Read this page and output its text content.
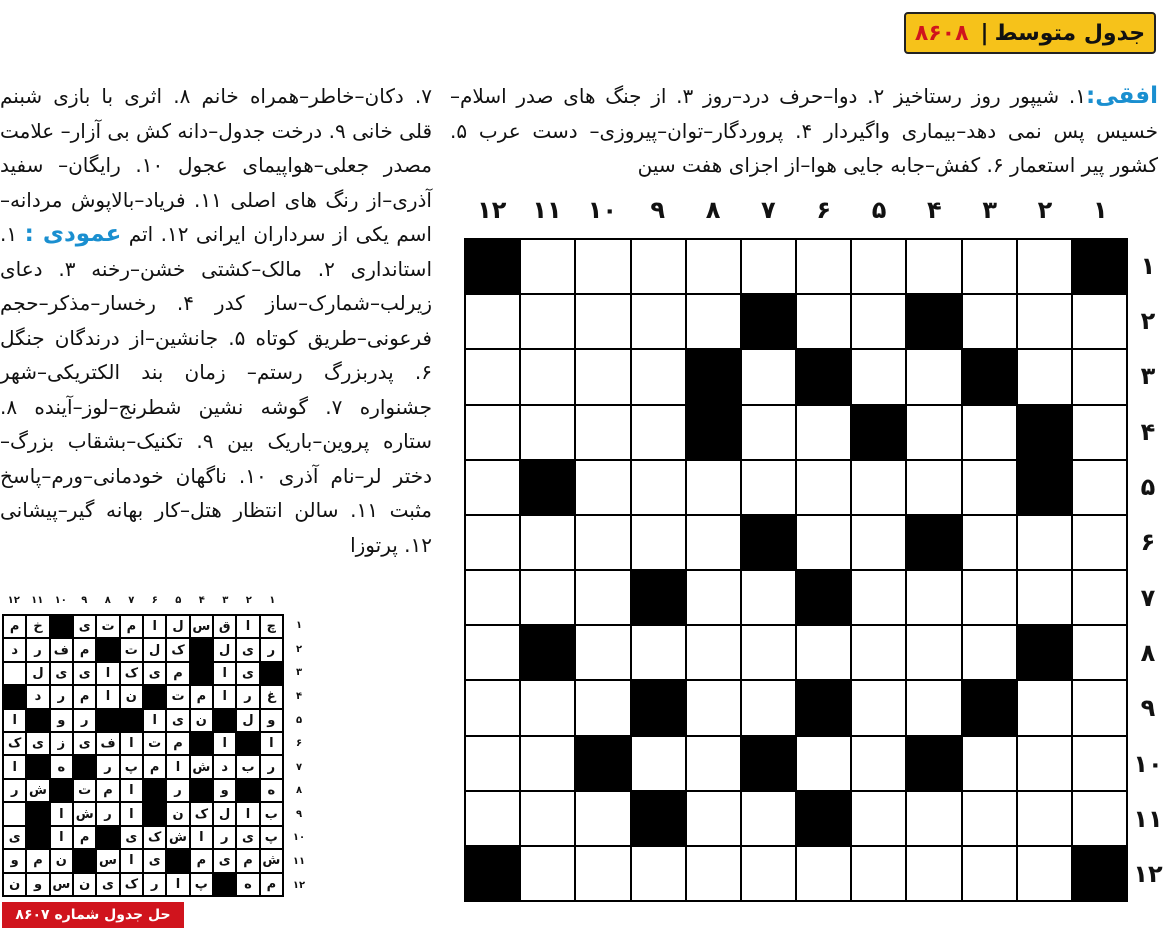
جدول متوسط
|
۸۶۰۸
افقی:۱. شیپور روز رستاخیز ۲. دوا–حرف درد–روز ۳. از جنگ های صدر اسلام–خسیس پس نمی دهد–بیماری واگیردار ۴. پروردگار–توان–پیروزی– دست عرب ۵. کشور پیر استعمار ۶. کفش–جابه جایی هوا–از اجزای هفت سین
۷. دکان–خاطر–همراه خانم ۸. اثری با بازی شبنم قلی خانی ۹. درخت جدول–دانه کش بی آزار– علامت مصدر جعلی–هواپیمای عجول ۱۰. رایگان– سفید آذری–از رنگ های اصلی ۱۱. فریاد–بالاپوش مردانه–اسم یکی از سرداران ایرانی ۱۲. اتم عمودی : ۱. استانداری ۲. مالک–کشتی خشن–رخنه ۳. دعای زیرلب–شمارک–ساز کدر ۴. رخسار–مذکر–حجم فرعونی–طریق کوتاه ۵. جانشین–از درندگان جنگل ۶. پدربزرگ رستم– زمان بند الکتریکی–شهر جشنواره ۷. گوشه نشین شطرنج–لوز–آینده ۸. ستاره پروین–باریک بین ۹. تکنیک–بشقاب بزرگ–دختر لر–نام آذری ۱۰. ناگهان خودمانی–ورم–پاسخ مثبت ۱۱. سالن انتظار هتل–کار بهانه گیر–پیشانی ۱۲. پرتوزا
۱
۲
۳
۴
۵
۶
۷
۸
۹
۱۰
۱۱
۱۲
۱
۲
۳
۴
۵
۶
۷
۸
۹
۱۰
۱۱
۱۲
۱
۲
۳
۴
۵
۶
۷
۸
۹
۱۰
۱۱
۱۲
۱
۲
۳
۴
۵
۶
۷
۸
۹
۱۰
۱۱
۱۲
چ
ا
ق
س
ل
ا
م
ت
ی
خ
م
ر
ی
ل
ک
ل
ت
م
ف
ر
د
ی
ا
م
ی
ک
ا
ی
ی
ل
غ
ر
ا
م
ت
ن
ا
م
ر
د
و
ل
ن
ی
ا
ر
و
ا
ا
ا
م
ت
ا
ف
ی
ز
ی
ک
ر
ب
د
ش
ا
م
پ
ر
ه
ا
ه
و
ر
ا
م
ت
ش
ر
ب
ا
ل
ک
ن
ا
ر
ش
ا
پ
ی
ر
ا
ش
ک
ی
م
ا
ی
ش
م
ی
م
ی
ا
س
ن
م
و
م
ه
پ
ا
ر
ک
ی
ن
س
و
ن
حل جدول شماره ۸۶۰۷
